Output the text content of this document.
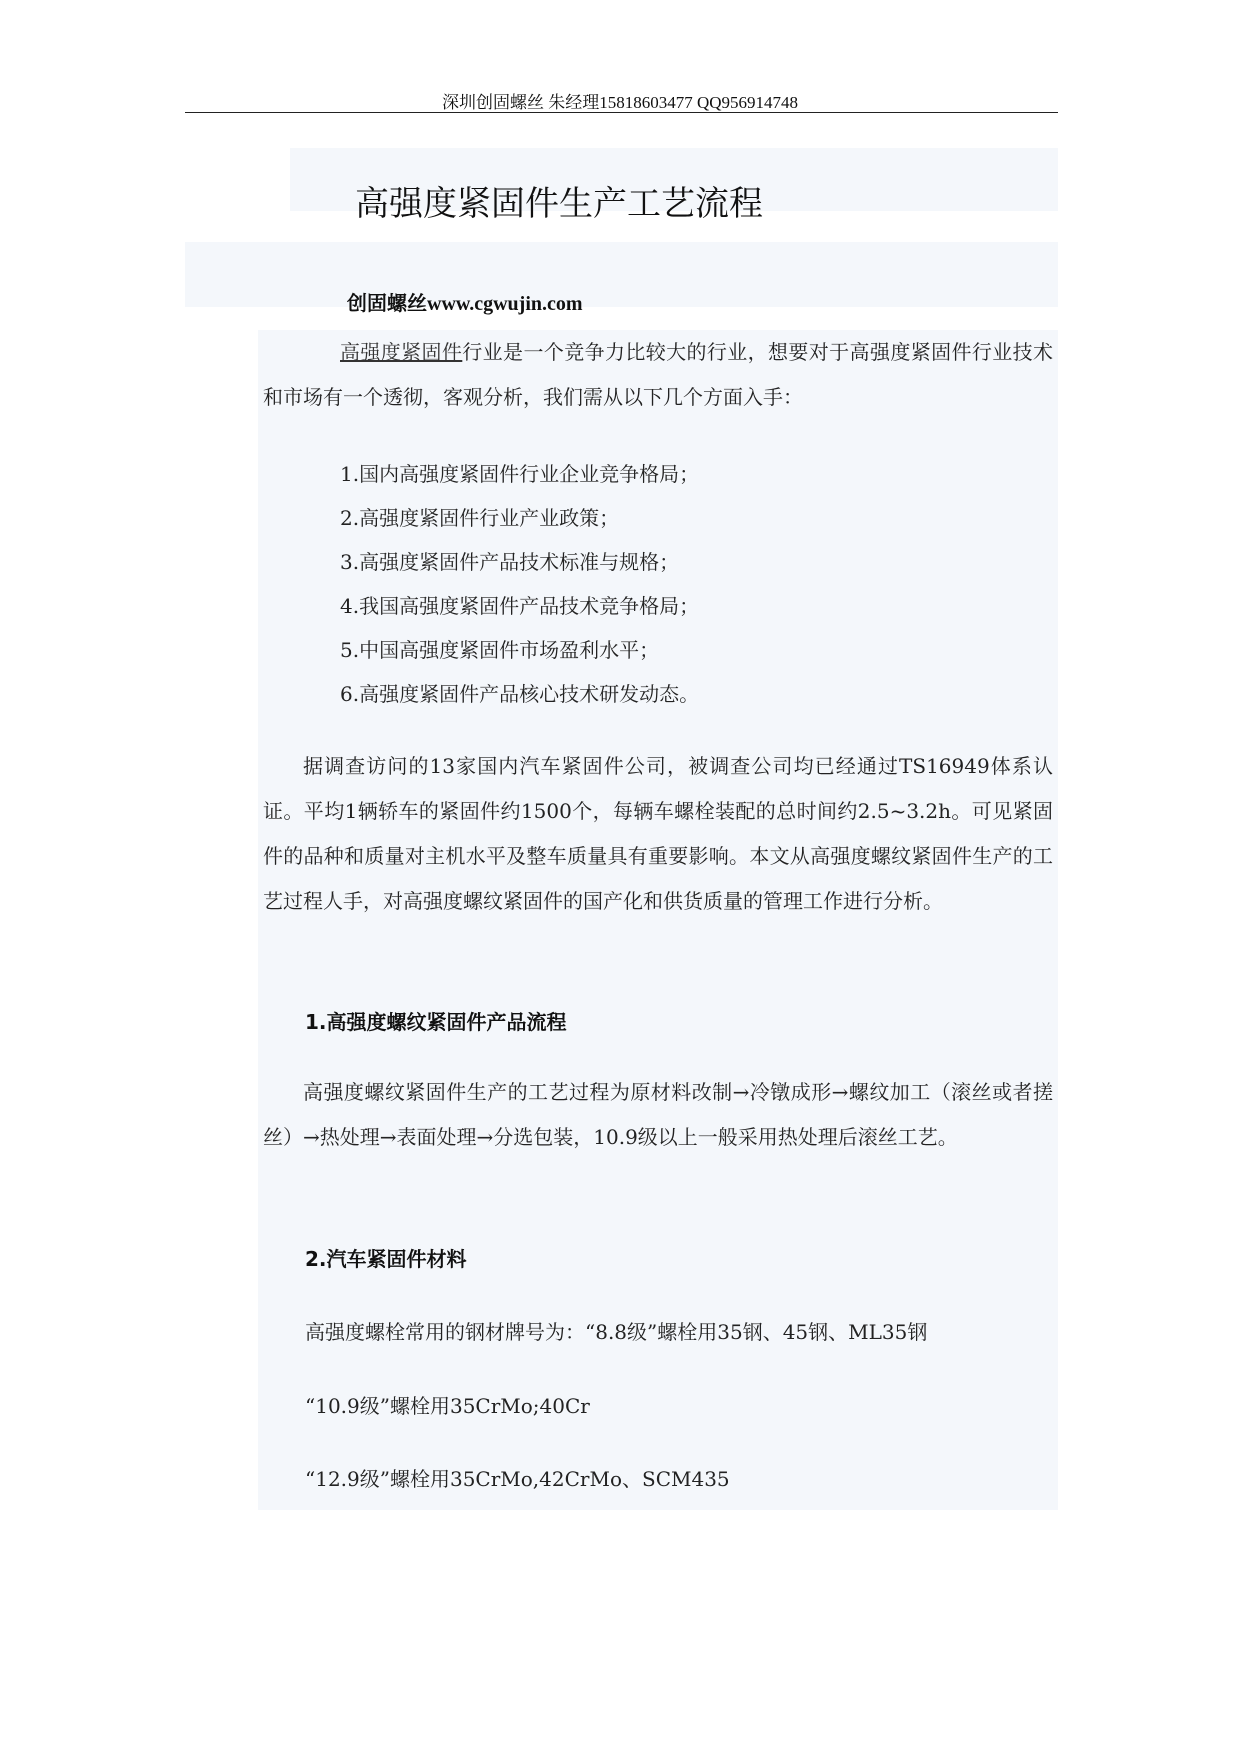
深圳创固螺丝 朱经理15818603477 QQ956914748
高强度紧固件生产工艺流程
创固螺丝www.cgwujin.com

高强度紧固件行业是一个竞争力比较大的行业，想要对于高强度紧固件行业技术和市场有一个透彻，客观分析，我们需从以下几个方面入手：

1.国内高强度紧固件行业企业竞争格局；
2.高强度紧固件行业产业政策；
3.高强度紧固件产品技术标准与规格；
4.我国高强度紧固件产品技术竞争格局；
5.中国高强度紧固件市场盈利水平；
6.高强度紧固件产品核心技术研发动态。

据调查访问的13家国内汽车紧固件公司，被调查公司均已经通过TS16949体系认证。平均1辆轿车的紧固件约1500个，每辆车螺栓装配的总时间约2.5~3.2h。可见紧固件的品种和质量对主机水平及整车质量具有重要影响。本文从高强度螺纹紧固件生产的工艺过程人手，对高强度螺纹紧固件的国产化和供货质量的管理工作进行分析。

1.高强度螺纹紧固件产品流程

高强度螺纹紧固件生产的工艺过程为原材料改制→冷镦成形→螺纹加工（滚丝或者搓丝）→热处理→表面处理→分选包装，10.9级以上一般采用热处理后滚丝工艺。

2.汽车紧固件材料
高强度螺栓常用的钢材牌号为：“8.8级”螺栓用35钢、45钢、ML35钢
“10.9级”螺栓用35CrMo;40Cr
“12.9级”螺栓用35CrMo,42CrMo、SCM435
